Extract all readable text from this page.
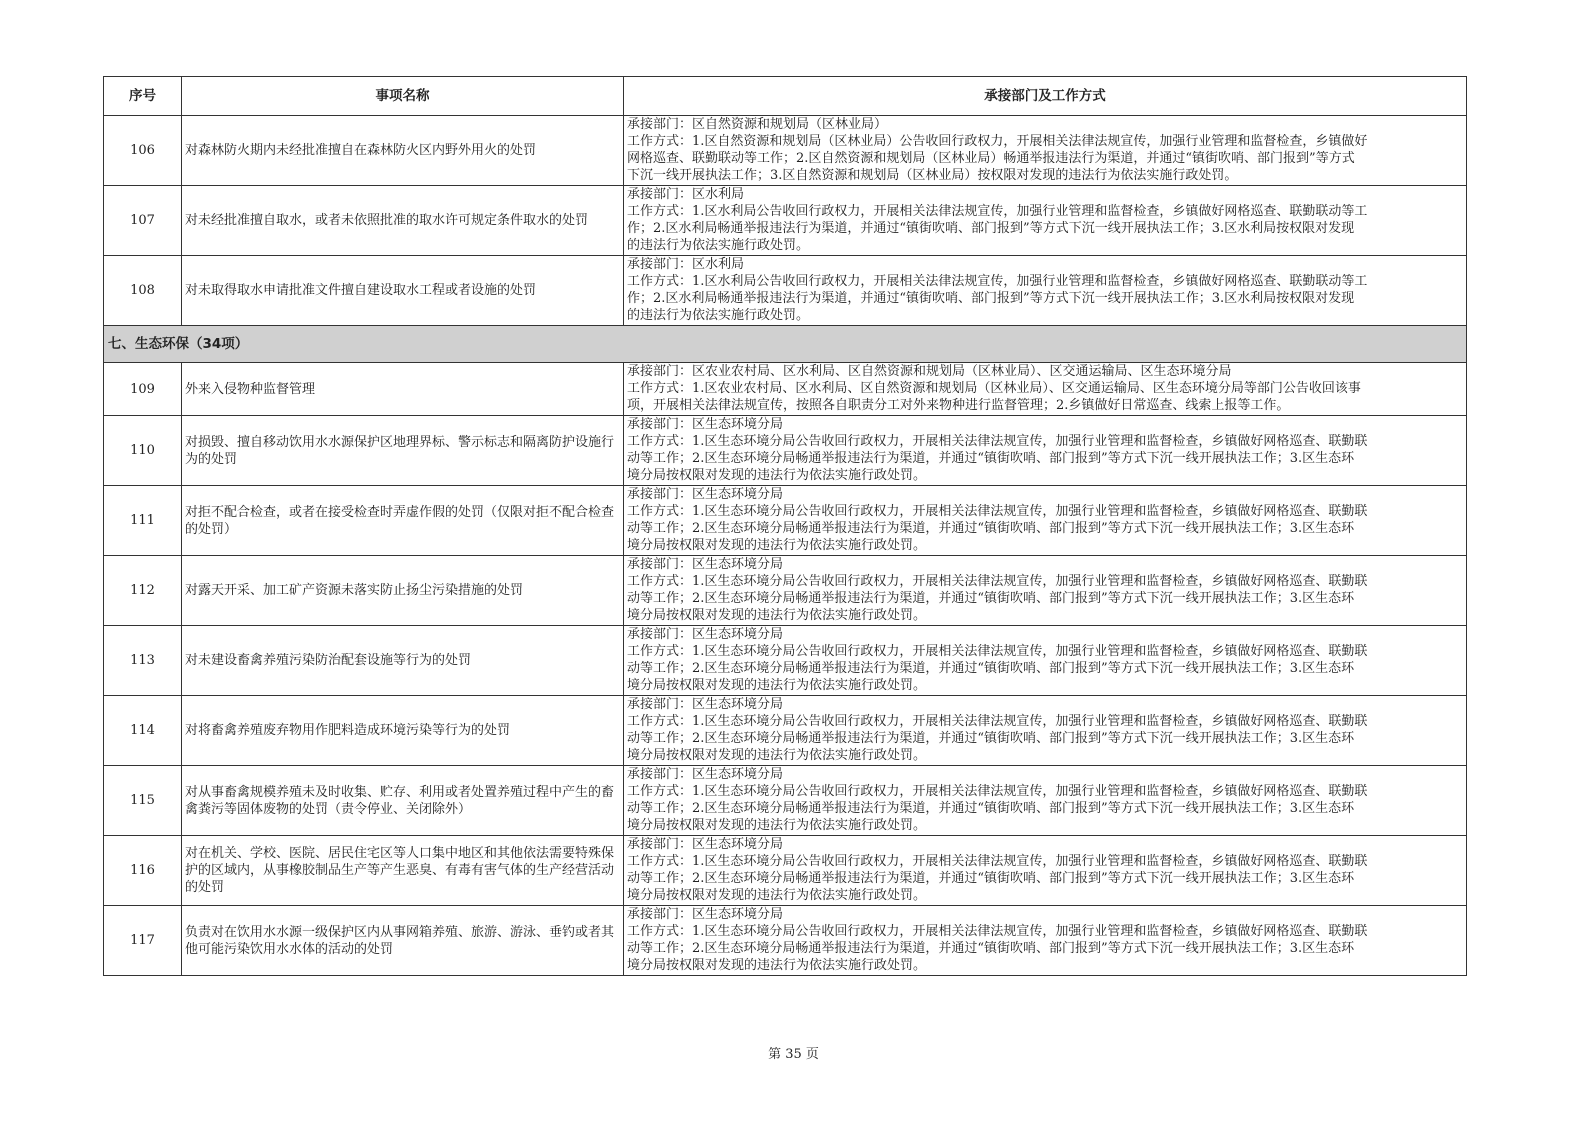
序号	事项名称	承接部门及工作方式
106	对森林防火期内未经批准擅自在森林防火区内野外用火的处罚	承接部门：区自然资源和规划局（区林业局）
工作方式：1.区自然资源和规划局（区林业局）公告收回行政权力，开展相关法律法规宣传，加强行业管理和监督检查，乡镇做好
网格巡查、联勤联动等工作；2.区自然资源和规划局（区林业局）畅通举报违法行为渠道，并通过“镇街吹哨、部门报到”等方式
下沉一线开展执法工作；3.区自然资源和规划局（区林业局）按权限对发现的违法行为依法实施行政处罚。

107	对未经批准擅自取水，或者未依照批准的取水许可规定条件取水的处罚	承接部门：区水利局
工作方式：1.区水利局公告收回行政权力，开展相关法律法规宣传，加强行业管理和监督检查，乡镇做好网格巡查、联勤联动等工
作；2.区水利局畅通举报违法行为渠道，并通过“镇街吹哨、部门报到”等方式下沉一线开展执法工作；3.区水利局按权限对发现
的违法行为依法实施行政处罚。

108	对未取得取水申请批准文件擅自建设取水工程或者设施的处罚	承接部门：区水利局
工作方式：1.区水利局公告收回行政权力，开展相关法律法规宣传，加强行业管理和监督检查，乡镇做好网格巡查、联勤联动等工
作；2.区水利局畅通举报违法行为渠道，并通过“镇街吹哨、部门报到”等方式下沉一线开展执法工作；3.区水利局按权限对发现
的违法行为依法实施行政处罚。

七、生态环保（34项）		
109	外来入侵物种监督管理	承接部门：区农业农村局、区水利局、区自然资源和规划局（区林业局）、区交通运输局、区生态环境分局
工作方式：1.区农业农村局、区水利局、区自然资源和规划局（区林业局）、区交通运输局、区生态环境分局等部门公告收回该事
项，开展相关法律法规宣传，按照各自职责分工对外来物种进行监督管理；2.乡镇做好日常巡查、线索上报等工作。

110	对损毁、擅自移动饮用水水源保护区地理界标、警示标志和隔离防护设施行为的处罚	承接部门：区生态环境分局
工作方式：1.区生态环境分局公告收回行政权力，开展相关法律法规宣传，加强行业管理和监督检查，乡镇做好网格巡查、联勤联
动等工作；2.区生态环境分局畅通举报违法行为渠道，并通过“镇街吹哨、部门报到”等方式下沉一线开展执法工作；3.区生态环
境分局按权限对发现的违法行为依法实施行政处罚。

111	对拒不配合检查，或者在接受检查时弄虚作假的处罚（仅限对拒不配合检查的处罚）	承接部门：区生态环境分局
工作方式：1.区生态环境分局公告收回行政权力，开展相关法律法规宣传，加强行业管理和监督检查，乡镇做好网格巡查、联勤联
动等工作；2.区生态环境分局畅通举报违法行为渠道，并通过“镇街吹哨、部门报到”等方式下沉一线开展执法工作；3.区生态环
境分局按权限对发现的违法行为依法实施行政处罚。

112	对露天开采、加工矿产资源未落实防止扬尘污染措施的处罚	承接部门：区生态环境分局
工作方式：1.区生态环境分局公告收回行政权力，开展相关法律法规宣传，加强行业管理和监督检查，乡镇做好网格巡查、联勤联
动等工作；2.区生态环境分局畅通举报违法行为渠道，并通过“镇街吹哨、部门报到”等方式下沉一线开展执法工作；3.区生态环
境分局按权限对发现的违法行为依法实施行政处罚。

113	对未建设畜禽养殖污染防治配套设施等行为的处罚	承接部门：区生态环境分局
工作方式：1.区生态环境分局公告收回行政权力，开展相关法律法规宣传，加强行业管理和监督检查，乡镇做好网格巡查、联勤联
动等工作；2.区生态环境分局畅通举报违法行为渠道，并通过“镇街吹哨、部门报到”等方式下沉一线开展执法工作；3.区生态环
境分局按权限对发现的违法行为依法实施行政处罚。

114	对将畜禽养殖废弃物用作肥料造成环境污染等行为的处罚	承接部门：区生态环境分局
工作方式：1.区生态环境分局公告收回行政权力，开展相关法律法规宣传，加强行业管理和监督检查，乡镇做好网格巡查、联勤联
动等工作；2.区生态环境分局畅通举报违法行为渠道，并通过“镇街吹哨、部门报到”等方式下沉一线开展执法工作；3.区生态环
境分局按权限对发现的违法行为依法实施行政处罚。

115	对从事畜禽规模养殖未及时收集、贮存、利用或者处置养殖过程中产生的畜禽粪污等固体废物的处罚（责令停业、关闭除外）	承接部门：区生态环境分局
工作方式：1.区生态环境分局公告收回行政权力，开展相关法律法规宣传，加强行业管理和监督检查，乡镇做好网格巡查、联勤联
动等工作；2.区生态环境分局畅通举报违法行为渠道，并通过“镇街吹哨、部门报到”等方式下沉一线开展执法工作；3.区生态环
境分局按权限对发现的违法行为依法实施行政处罚。

116	对在机关、学校、医院、居民住宅区等人口集中地区和其他依法需要特殊保护的区域内，从事橡胶制品生产等产生恶臭、有毒有害气体的生产经营活动的处罚	承接部门：区生态环境分局
工作方式：1.区生态环境分局公告收回行政权力，开展相关法律法规宣传，加强行业管理和监督检查，乡镇做好网格巡查、联勤联
动等工作；2.区生态环境分局畅通举报违法行为渠道，并通过“镇街吹哨、部门报到”等方式下沉一线开展执法工作；3.区生态环
境分局按权限对发现的违法行为依法实施行政处罚。

117	负责对在饮用水水源一级保护区内从事网箱养殖、旅游、游泳、垂钓或者其他可能污染饮用水水体的活动的处罚	承接部门：区生态环境分局
工作方式：1.区生态环境分局公告收回行政权力，开展相关法律法规宣传，加强行业管理和监督检查，乡镇做好网格巡查、联勤联
动等工作；2.区生态环境分局畅通举报违法行为渠道，并通过“镇街吹哨、部门报到”等方式下沉一线开展执法工作；3.区生态环
境分局按权限对发现的违法行为依法实施行政处罚。
第 35 页
